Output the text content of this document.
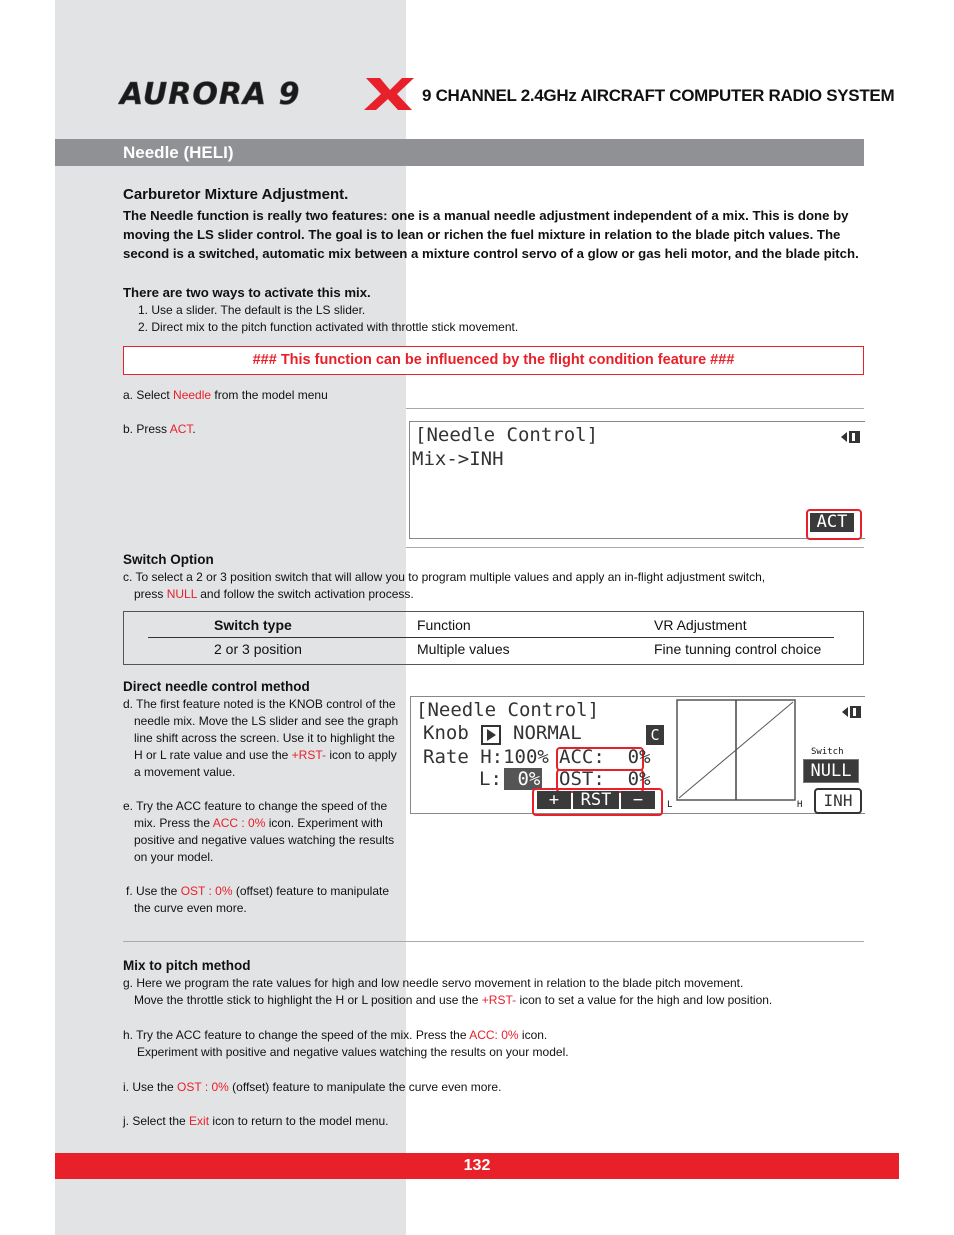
AURORA 9	9 CHANNEL 2.4GHz AIRCRAFT COMPUTER RADIO SYSTEM
Needle (HELI)
Carburetor Mixture Adjustment.
The Needle function is really two features: one is a manual needle adjustment independent of a mix. This is done by
moving the LS slider control. The goal is to lean or richen the fuel mixture in relation to the blade pitch values. The
second is a switched, automatic mix between a mixture control servo of a glow or gas heli motor, and the blade pitch.
There are two ways to activate this mix.
1. Use a slider. The default is the LS slider.
2. Direct mix to the pitch function activated with throttle stick movement.
### This function can be influenced by the flight condition feature ###
a. Select Needle from the model menu
b. Press ACT.	[Needle Control]
Mix->INH
ACT
Switch Option
c. To select a 2 or 3 position switch that will allow you to program multiple values and apply an in-flight adjustment switch,
press NULL and follow the switch activation process.
Switch type	Function	VR Adjustment
2 or 3 position	Multiple values	Fine tunning control choice
Direct needle control method
d. The first feature noted is the KNOB control of the
needle mix. Move the LS slider and see the graph
line shift across the screen. Use it to highlight the
H or L rate value and use the +RST- icon to apply
a movement value.
e. Try the ACC feature to change the speed of the
mix. Press the ACC : 0% icon. Experiment with
positive and negative values watching the results
on your model.
f. Use the OST : 0% (offset) feature to manipulate
the curve even more.
[Needle Control]
Knob NORMAL	C
Rate H:100% ACC:  0%
L: 0% OST:  0%
+	RST	−	L	H
Switch
NULL
INH
Mix to pitch method
g. Here we program the rate values for high and low needle servo movement in relation to the blade pitch movement.
Move the throttle stick to highlight the H or L position and use the +RST- icon to set a value for the high and low position.
h. Try the ACC feature to change the speed of the mix. Press the ACC: 0% icon.
Experiment with positive and negative values watching the results on your model.
i. Use the OST : 0% (offset) feature to manipulate the curve even more.
j. Select the Exit icon to return to the model menu.
132
